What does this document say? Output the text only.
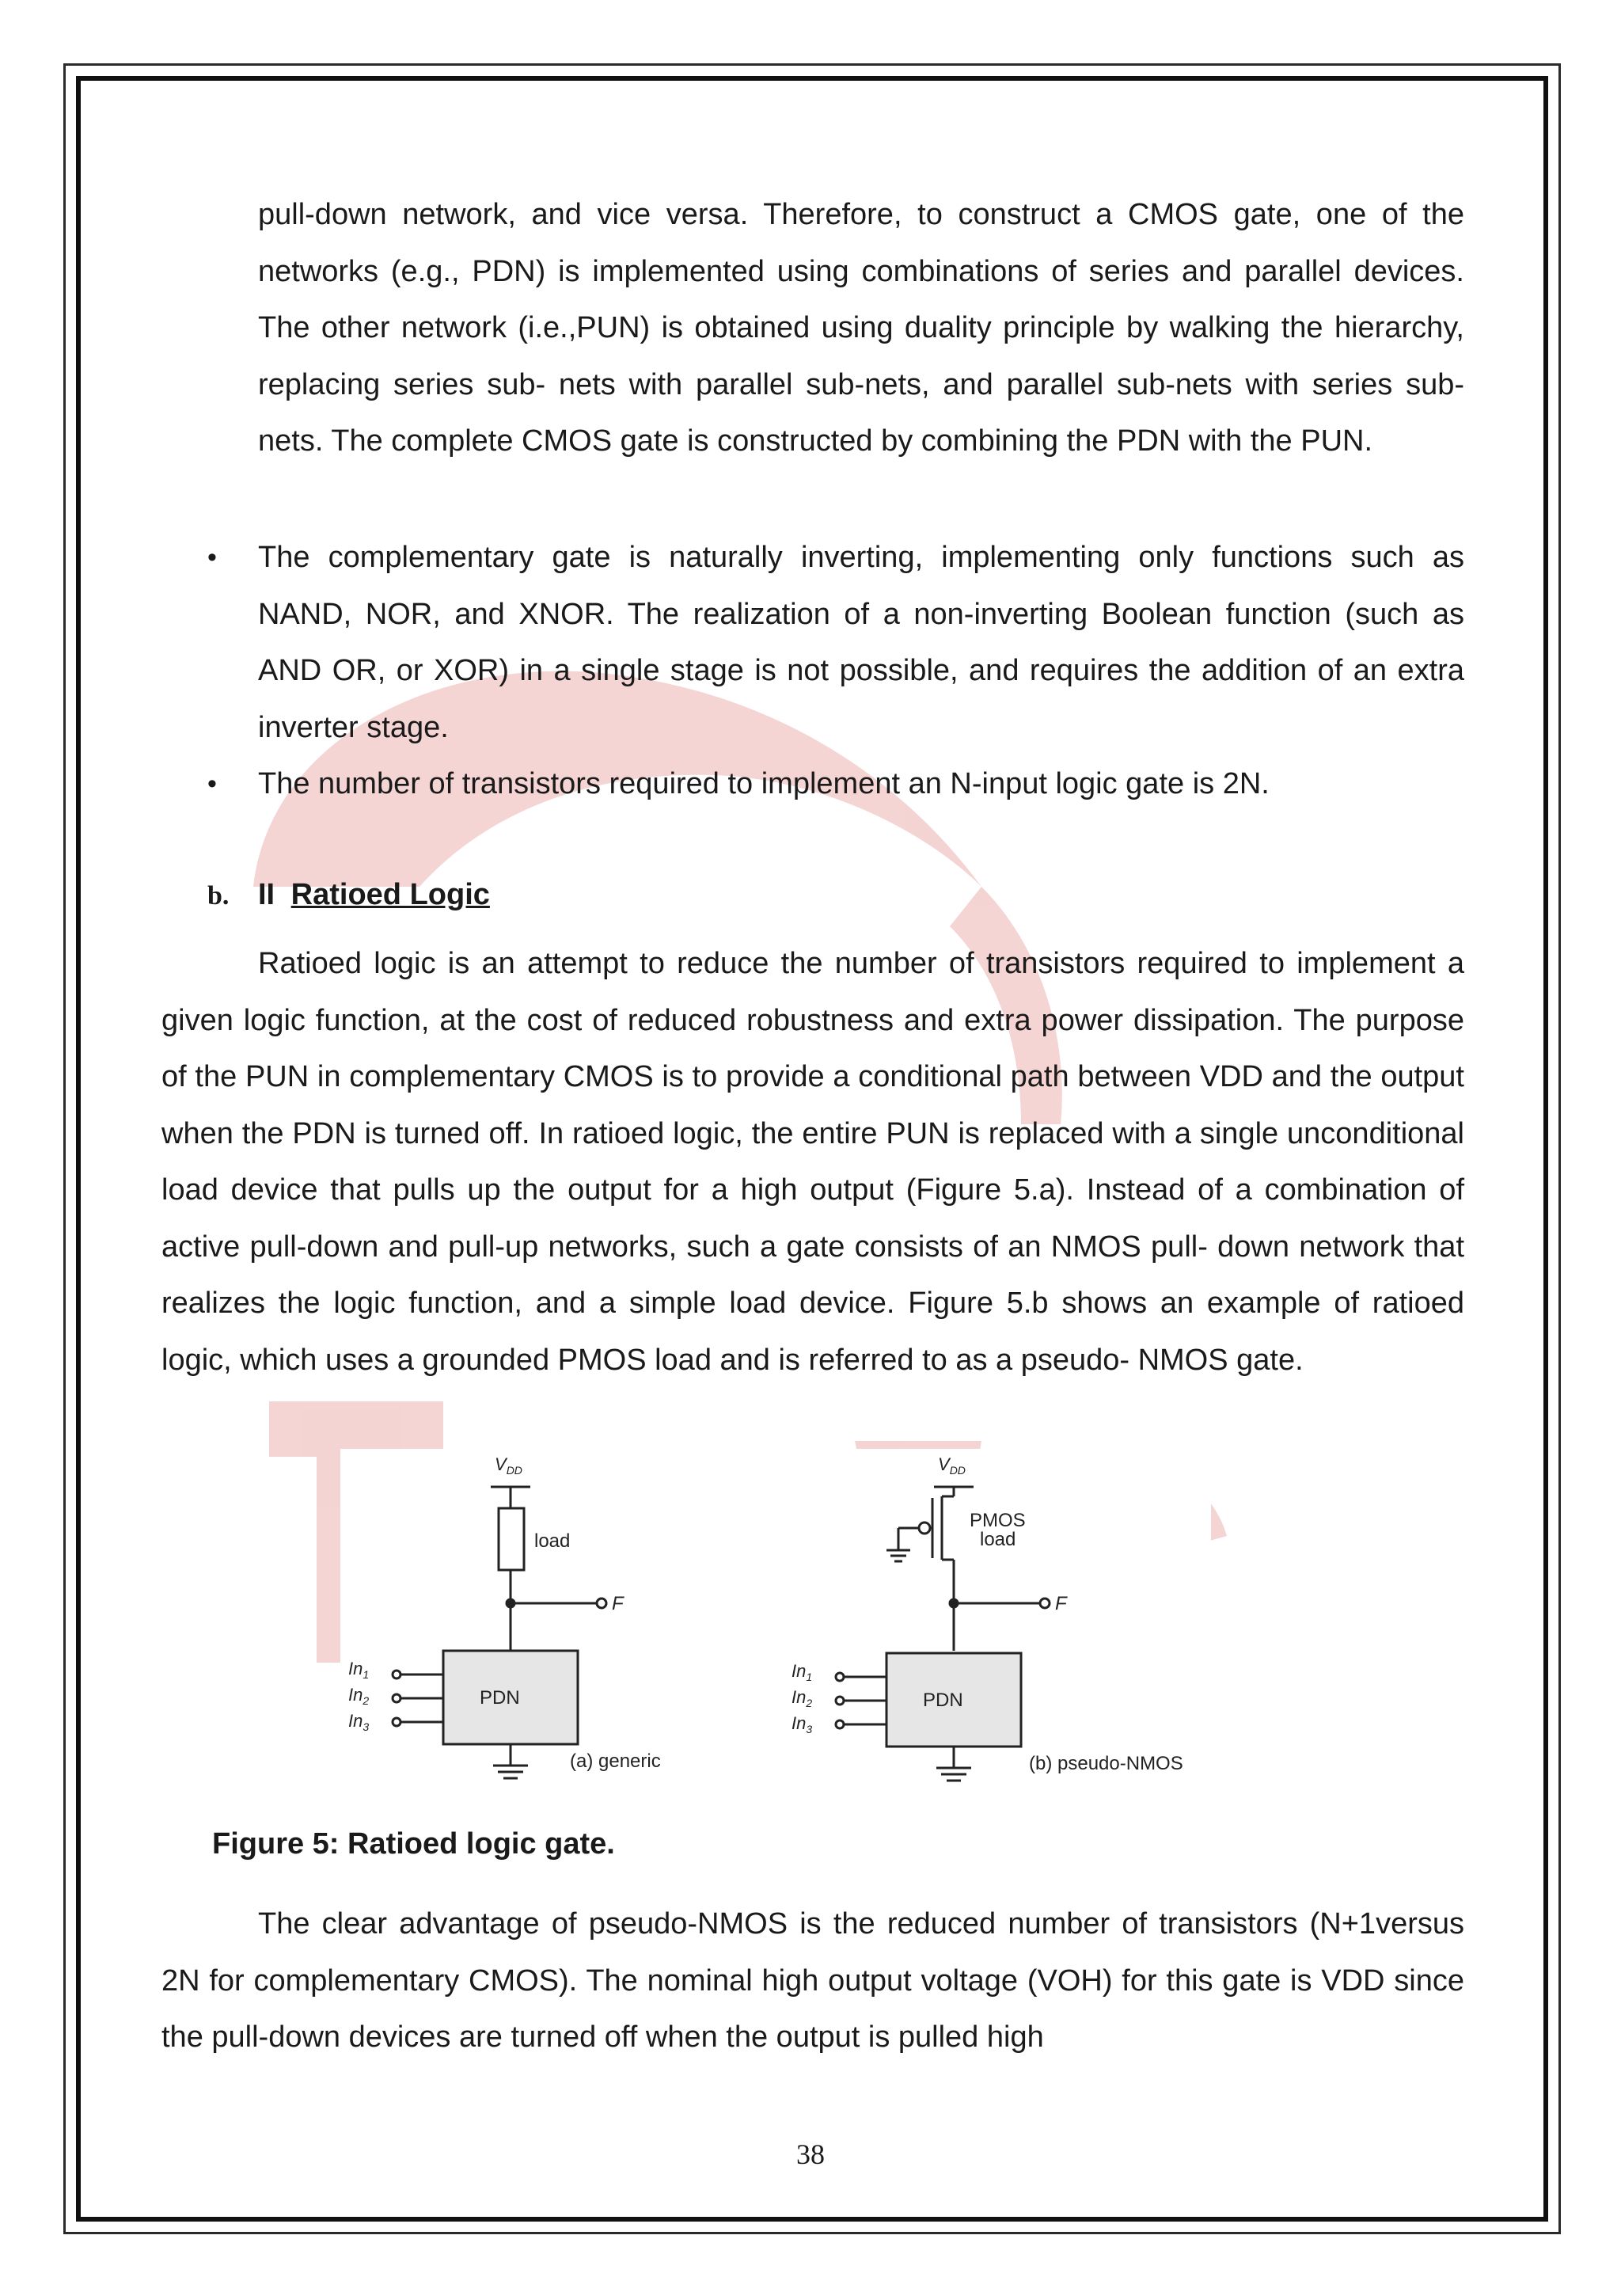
pull-down network, and vice versa. Therefore, to construct a CMOS gate, one of the networks (e.g., PDN) is implemented using combinations of series and parallel devices. The other network (i.e.,PUN) is obtained using duality principle by walking the hierarchy, replacing series sub- nets with parallel sub-nets, and parallel sub-nets with series sub-nets. The complete CMOS gate is constructed by combining the PDN with the PUN.

• The complementary gate is naturally inverting, implementing only functions such as NAND, NOR, and XNOR. The realization of a non-inverting Boolean function (such as AND OR, or XOR) in a single stage is not possible, and requires the addition of an extra inverter stage.

• The number of transistors required to implement an N-input logic gate is 2N.

b. II Ratioed Logic

Ratioed logic is an attempt to reduce the number of transistors required to implement a given logic function, at the cost of reduced robustness and extra power dissipation. The purpose of the PUN in complementary CMOS is to provide a conditional path between VDD and the output when the PDN is turned off. In ratioed logic, the entire PUN is replaced with a single unconditional load device that pulls up the output for a high output (Figure 5.a). Instead of a combination of active pull-down and pull-up networks, such a gate consists of an NMOS pull- down network that realizes the logic function, and a simple load device. Figure 5.b shows an example of ratioed logic, which uses a grounded PMOS load and is referred to as a pseudo- NMOS gate.

$V_{DD}$
load
F
PDN
$In_1$
$In_2$
$In_3$
(a) generic
$V_{DD}$
PMOS
load
F
PDN
$In_1$
$In_2$
$In_3$
(b) pseudo-NMOS
Figure 5: Ratioed logic gate.

The clear advantage of pseudo-NMOS is the reduced number of transistors (N+1versus 2N for complementary CMOS). The nominal high output voltage (VOH) for this gate is VDD since the pull-down devices are turned off when the output is pulled high

38
